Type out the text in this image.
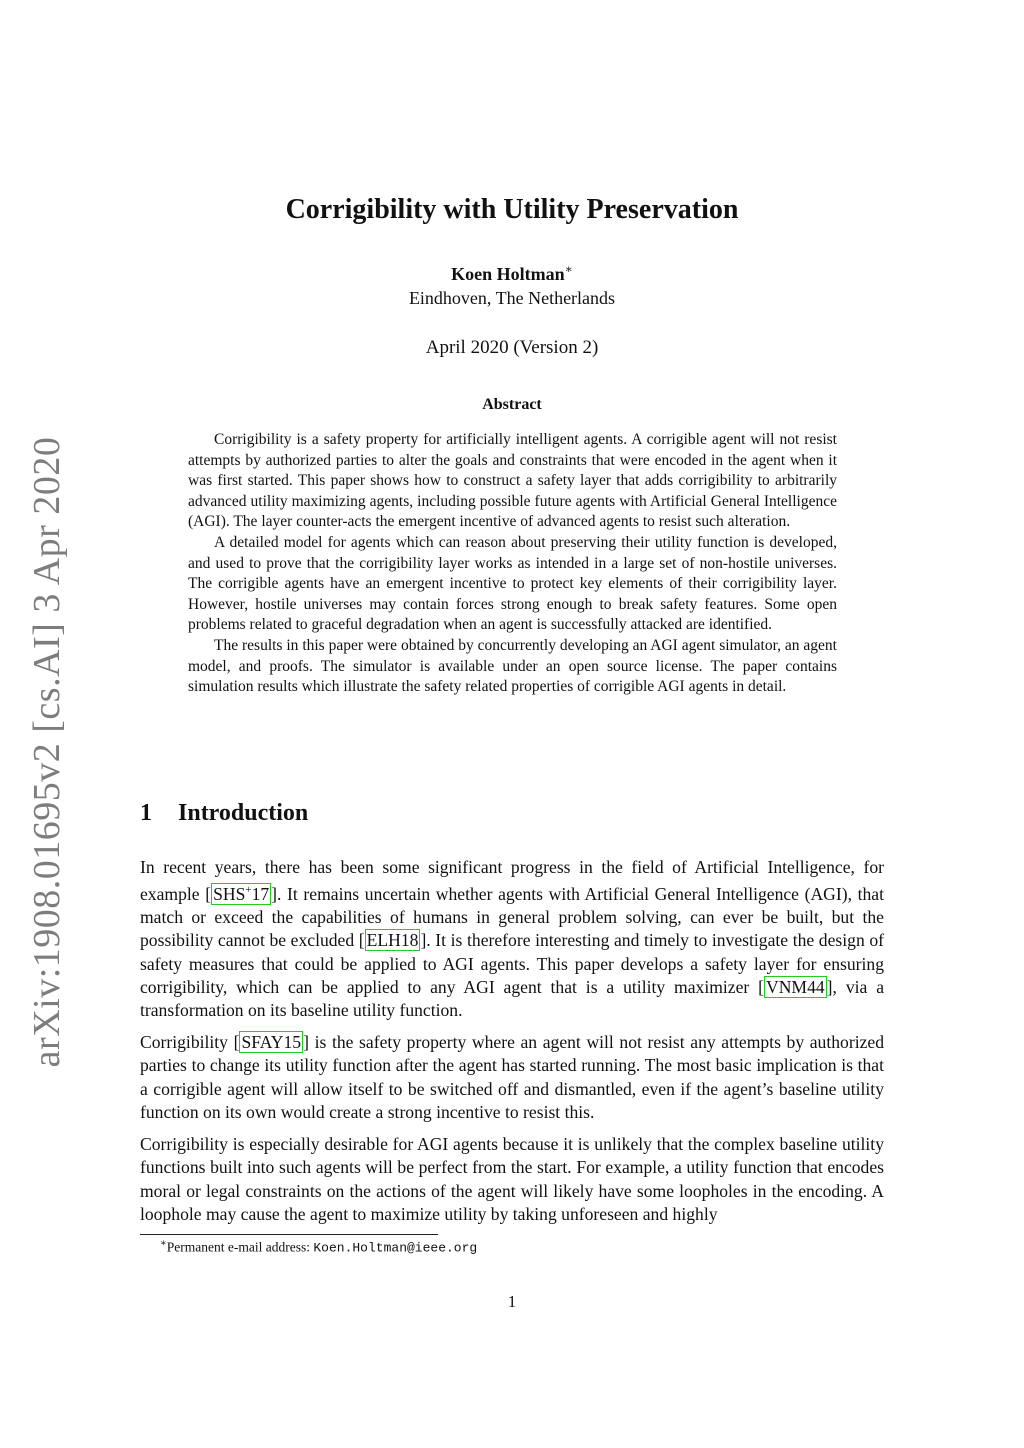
arXiv:1908.01695v2 [cs.AI] 3 Apr 2020
Corrigibility with Utility Preservation
Koen Holtman∗
Eindhoven, The Netherlands
April 2020 (Version 2)
Abstract

Corrigibility is a safety property for artificially intelligent agents. A corrigible agent will not resist attempts by authorized parties to alter the goals and constraints that were encoded in the agent when it was first started. This paper shows how to construct a safety layer that adds corrigibility to arbitrarily advanced utility maximizing agents, including possible future agents with Artificial General Intelligence (AGI). The layer counter-acts the emergent incentive of advanced agents to resist such alteration.

A detailed model for agents which can reason about preserving their utility function is developed, and used to prove that the corrigibility layer works as intended in a large set of non-hostile universes. The corrigible agents have an emergent incentive to protect key elements of their corrigibility layer. However, hostile universes may contain forces strong enough to break safety features. Some open problems related to graceful degradation when an agent is successfully attacked are identified.

The results in this paper were obtained by concurrently developing an AGI agent simulator, an agent model, and proofs. The simulator is available under an open source license. The paper contains simulation results which illustrate the safety related properties of corrigible AGI agents in detail.

1 Introduction

In recent years, there has been some significant progress in the field of Artificial Intelligence, for example [ SHS+17 ]. It remains uncertain whether agents with Artificial General Intelligence (AGI), that match or exceed the capabilities of humans in general problem solving, can ever be built, but the possibility cannot be excluded [ ELH18 ]. It is therefore interesting and timely to investigate the design of safety measures that could be applied to AGI agents. This paper develops a safety layer for ensuring corrigibility, which can be applied to any AGI agent that is a utility maximizer [ VNM44 ], via a transformation on its baseline utility function.

Corrigibility [ SFAY15 ] is the safety property where an agent will not resist any attempts by authorized parties to change its utility function after the agent has started running. The most basic implication is that a corrigible agent will allow itself to be switched off and dismantled, even if the agent’s baseline utility function on its own would create a strong incentive to resist this.

Corrigibility is especially desirable for AGI agents because it is unlikely that the complex baseline utility functions built into such agents will be perfect from the start. For example, a utility function that encodes moral or legal constraints on the actions of the agent will likely have some loopholes in the encoding. A loophole may cause the agent to maximize utility by taking unforeseen and highly

∗Permanent e-mail address: Koen.Holtman@ieee.org
1
